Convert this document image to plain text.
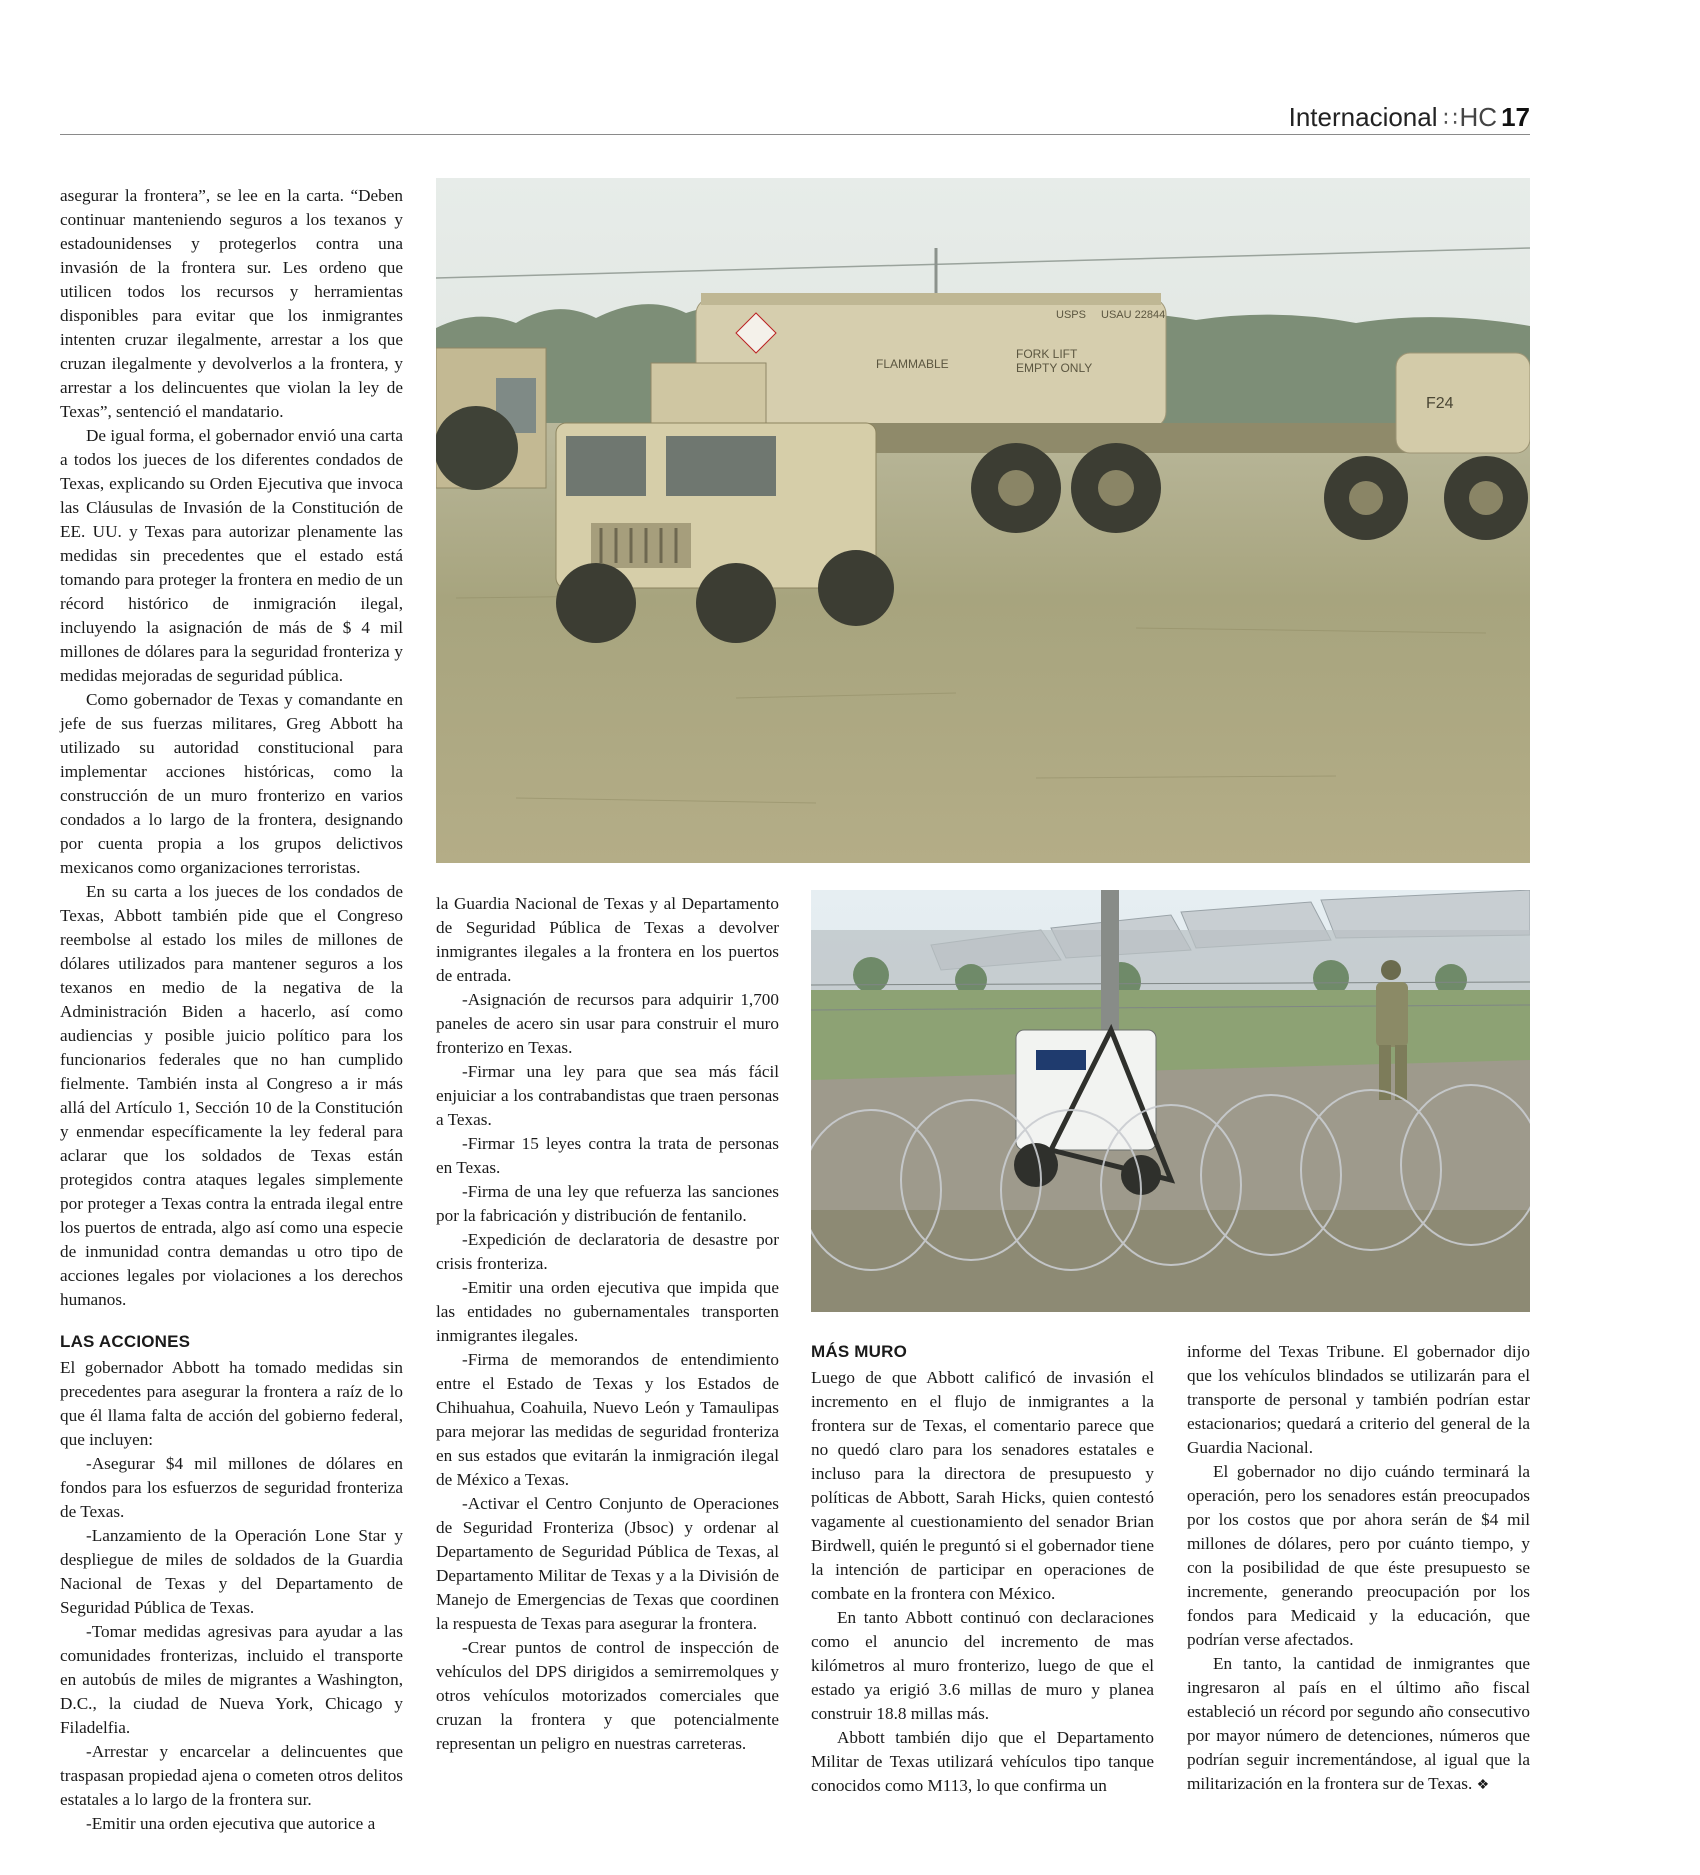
Internacional ∷HC 17

asegurar la frontera”, se lee en la carta. “Deben continuar manteniendo seguros a los texanos y estadounidenses y protegerlos contra una invasión de la frontera sur. Les ordeno que utilicen todos los recursos y herramientas disponibles para evitar que los inmigrantes intenten cruzar ilegalmente, arrestar a los que cruzan ilegalmente y devolverlos a la frontera, y arrestar a los delincuentes que violan la ley de Texas”, sentenció el mandatario.

De igual forma, el gobernador envió una carta a todos los jueces de los diferentes condados de Texas, explicando su Orden Ejecutiva que invoca las Cláusulas de Invasión de la Constitución de EE. UU. y Texas para autorizar plenamente las medidas sin precedentes que el estado está tomando para proteger la frontera en medio de un récord histórico de inmigración ilegal, incluyendo la asignación de más de $ 4 mil millones de dólares para la seguridad fronteriza y medidas mejoradas de seguridad pública.

Como gobernador de Texas y comandante en jefe de sus fuerzas militares, Greg Abbott ha utilizado su autoridad constitucional para implementar acciones históricas, como la construcción de un muro fronterizo en varios condados a lo largo de la frontera, designando por cuenta propia a los grupos delictivos mexicanos como organizaciones terroristas.

En su carta a los jueces de los condados de Texas, Abbott también pide que el Congreso reembolse al estado los miles de millones de dólares utilizados para mantener seguros a los texanos en medio de la negativa de la Administración Biden a hacerlo, así como audiencias y posible juicio político para los funcionarios federales que no han cumplido fielmente. También insta al Congreso a ir más allá del Artículo 1, Sección 10 de la Constitución y enmendar específicamente la ley federal para aclarar que los soldados de Texas están protegidos contra ataques legales simplemente por proteger a Texas contra la entrada ilegal entre los puertos de entrada, algo así como una especie de inmunidad contra demandas u otro tipo de acciones legales por violaciones a los derechos humanos.

LAS ACCIONES

El gobernador Abbott ha tomado medidas sin precedentes para asegurar la frontera a raíz de lo que él llama falta de acción del gobierno federal, que incluyen:

-Asegurar $4 mil millones de dólares en fondos para los esfuerzos de seguridad fronteriza de Texas.

-Lanzamiento de la Operación Lone Star y despliegue de miles de soldados de la Guardia Nacional de Texas y del Departamento de Seguridad Pública de Texas.

-Tomar medidas agresivas para ayudar a las comunidades fronterizas, incluido el transporte en autobús de miles de migrantes a Washington, D.C., la ciudad de Nueva York, Chicago y Filadelfia.

-Arrestar y encarcelar a delincuentes que traspasan propiedad ajena o cometen otros delitos estatales a lo largo de la frontera sur.

-Emitir una orden ejecutiva que autorice a

FLAMMABLE
FORK LIFT
EMPTY ONLY
USPS USAU 22844
F24

la Guardia Nacional de Texas y al Departamento de Seguridad Pública de Texas a devolver inmigrantes ilegales a la frontera en los puertos de entrada.

-Asignación de recursos para adquirir 1,700 paneles de acero sin usar para construir el muro fronterizo en Texas.

-Firmar una ley para que sea más fácil enjuiciar a los contrabandistas que traen personas a Texas.

-Firmar 15 leyes contra la trata de personas en Texas.

-Firma de una ley que refuerza las sanciones por la fabricación y distribución de fentanilo.

-Expedición de declaratoria de desastre por crisis fronteriza.

-Emitir una orden ejecutiva que impida que las entidades no gubernamentales transporten inmigrantes ilegales.

-Firma de memorandos de entendimiento entre el Estado de Texas y los Estados de Chihuahua, Coahuila, Nuevo León y Tamaulipas para mejorar las medidas de seguridad fronteriza en sus estados que evitarán la inmigración ilegal de México a Texas.

-Activar el Centro Conjunto de Operaciones de Seguridad Fronteriza (Jbsoc) y ordenar al Departamento de Seguridad Pública de Texas, al Departamento Militar de Texas y a la División de Manejo de Emergencias de Texas que coordinen la respuesta de Texas para asegurar la frontera.

-Crear puntos de control de inspección de vehículos del DPS dirigidos a semirremolques y otros vehículos motorizados comerciales que cruzan la frontera y que potencialmente representan un peligro en nuestras carreteras.

MÁS MURO

Luego de que Abbott calificó de invasión el incremento en el flujo de inmigrantes a la frontera sur de Texas, el comentario parece que no quedó claro para los senadores estatales e incluso para la directora de presupuesto y políticas de Abbott, Sarah Hicks, quien contestó vagamente al cuestionamiento del senador Brian Birdwell, quién le preguntó si el gobernador tiene la intención de participar en operaciones de combate en la frontera con México.

En tanto Abbott continuó con declaraciones como el anuncio del incremento de mas kilómetros al muro fronterizo, luego de que el estado ya erigió 3.6 millas de muro y planea construir 18.8 millas más.

Abbott también dijo que el Departamento Militar de Texas utilizará vehículos tipo tanque conocidos como M113, lo que confirma un

informe del Texas Tribune. El gobernador dijo que los vehículos blindados se utilizarán para el transporte de personal y también podrían estar estacionarios; quedará a criterio del general de la Guardia Nacional.

El gobernador no dijo cuándo terminará la operación, pero los senadores están preocupados por los costos que por ahora serán de $4 mil millones de dólares, pero por cuánto tiempo, y con la posibilidad de que éste presupuesto se incremente, generando preocupación por los fondos para Medicaid y la educación, que podrían verse afectados.

En tanto, la cantidad de inmigrantes que ingresaron al país en el último año fiscal estableció un récord por segundo año consecutivo por mayor número de detenciones, números que podrían seguir incrementándose, al igual que la militarización en la frontera sur de Texas. ❖
